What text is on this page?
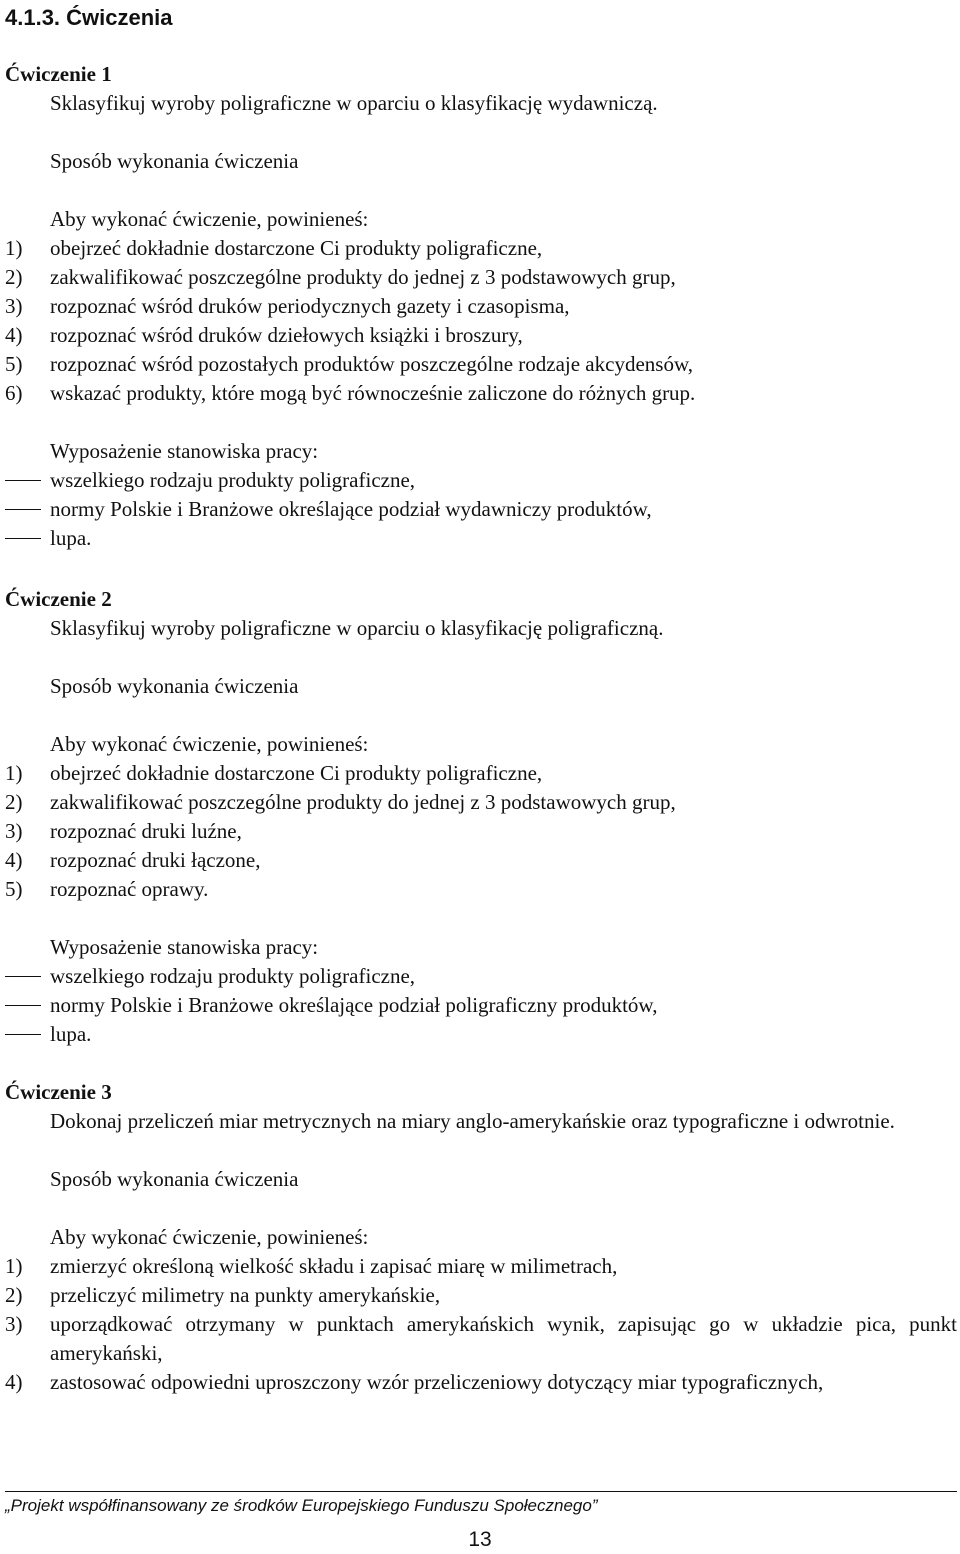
4.1.3. Ćwiczenia

Ćwiczenie 1

Sklasyfikuj wyroby poligraficzne w oparciu o klasyfikację wydawniczą.

Sposób wykonania ćwiczenia

Aby wykonać ćwiczenie, powinieneś:

1)	obejrzeć dokładnie dostarczone Ci produkty poligraficzne,
2)	zakwalifikować poszczególne produkty do jednej z 3 podstawowych grup,
3)	rozpoznać wśród druków periodycznych gazety i czasopisma,
4)	rozpoznać wśród druków dziełowych książki i broszury,
5)	rozpoznać wśród pozostałych produktów poszczególne rodzaje akcydensów,
6)	wskazać produkty, które mogą być równocześnie zaliczone do różnych grup.

Wyposażenie stanowiska pracy:

wszelkiego rodzaju produkty poligraficzne,
normy Polskie i Branżowe określające podział wydawniczy produktów,
lupa.

Ćwiczenie 2

Sklasyfikuj wyroby poligraficzne w oparciu o klasyfikację poligraficzną.

Sposób wykonania ćwiczenia

Aby wykonać ćwiczenie, powinieneś:

1)	obejrzeć dokładnie dostarczone Ci produkty poligraficzne,
2)	zakwalifikować poszczególne produkty do jednej z 3 podstawowych grup,
3)	rozpoznać druki luźne,
4)	rozpoznać druki łączone,
5)	rozpoznać oprawy.

Wyposażenie stanowiska pracy:

wszelkiego rodzaju produkty poligraficzne,
normy Polskie i Branżowe określające podział poligraficzny produktów,
lupa.

Ćwiczenie 3

Dokonaj przeliczeń miar metrycznych na miary anglo-amerykańskie oraz typograficzne i odwrotnie.

Sposób wykonania ćwiczenia

Aby wykonać ćwiczenie, powinieneś:

1)	zmierzyć określoną wielkość składu i zapisać miarę w milimetrach,
2)	przeliczyć milimetry na punkty amerykańskie,
3)	uporządkować otrzymany w punktach amerykańskich wynik, zapisując go w układzie pica, punkt amerykański,
4)	zastosować odpowiedni uproszczony wzór przeliczeniowy dotyczący miar typograficznych,

„Projekt współfinansowany ze środków Europejskiego Funduszu Społecznego”

13
